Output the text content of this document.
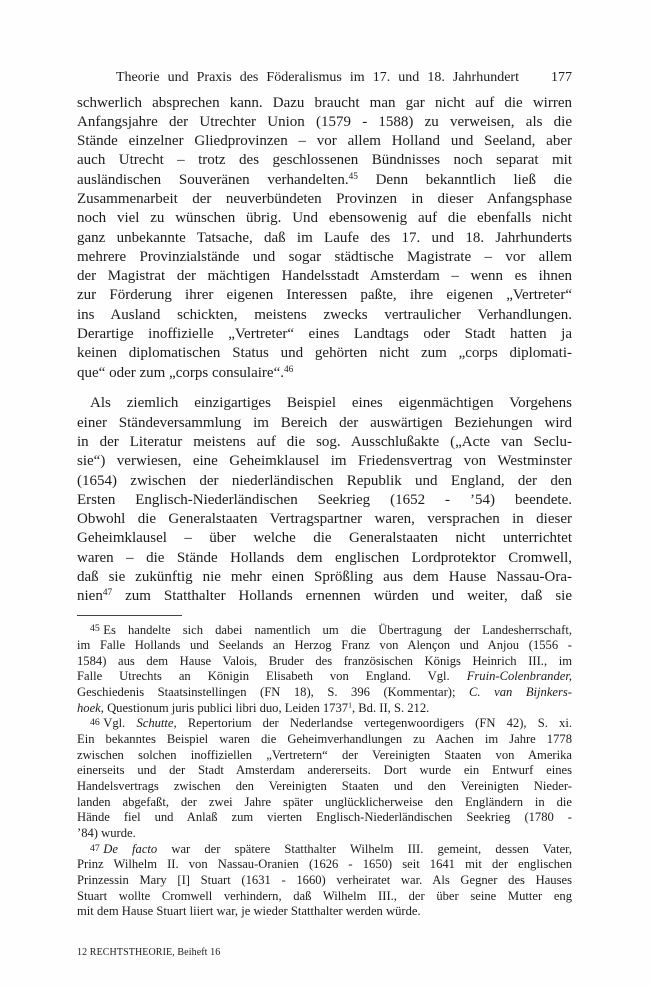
Theorie und Praxis des Föderalismus im 17. und 18. Jahrhundert 177
schwerlich absprechen kann. Dazu braucht man gar nicht auf die wirren
Anfangsjahre der Utrechter Union (1579 - 1588) zu verweisen, als die
Stände einzelner Gliedprovinzen – vor allem Holland und Seeland, aber
auch Utrecht – trotz des geschlossenen Bündnisses noch separat mit
ausländischen Souveränen verhandelten.$^{45}$ Denn bekanntlich ließ die
Zusammenarbeit der neuverbündeten Provinzen in dieser Anfangsphase
noch viel zu wünschen übrig. Und ebensowenig auf die ebenfalls nicht
ganz unbekannte Tatsache, daß im Laufe des 17. und 18. Jahrhunderts
mehrere Provinzialstände und sogar städtische Magistrate – vor allem
der Magistrat der mächtigen Handelsstadt Amsterdam – wenn es ihnen
zur Förderung ihrer eigenen Interessen paßte, ihre eigenen „Vertreter“
ins Ausland schickten, meistens zwecks vertraulicher Verhandlungen.
Derartige inoffizielle „Vertreter“ eines Landtags oder Stadt hatten ja
keinen diplomatischen Status und gehörten nicht zum „corps diplomati-
que“ oder zum „corps consulaire“.$^{46}$
Als ziemlich einzigartiges Beispiel eines eigenmächtigen Vorgehens
einer Ständeversammlung im Bereich der auswärtigen Beziehungen wird
in der Literatur meistens auf die sog. Ausschlußakte („Acte van Seclu-
sie“) verwiesen, eine Geheimklausel im Friedensvertrag von Westminster
(1654) zwischen der niederländischen Republik und England, der den
Ersten Englisch-Niederländischen Seekrieg (1652 - ’54) beendete.
Obwohl die Generalstaaten Vertragspartner waren, versprachen in dieser
Geheimklausel – über welche die Generalstaaten nicht unterrichtet
waren – die Stände Hollands dem englischen Lordprotektor Cromwell,
daß sie zukünftig nie mehr einen Sprößling aus dem Hause Nassau-Ora-
nien$^{47}$ zum Statthalter Hollands ernennen würden und weiter, daß sie
45 Es handelte sich dabei namentlich um die Übertragung der Landesherrschaft,
im Falle Hollands und Seelands an Herzog Franz von Alençon und Anjou (1556 -
1584) aus dem Hause Valois, Bruder des französischen Königs Heinrich III., im
Falle Utrechts an Königin Elisabeth von England. Vgl. Fruin-Colenbrander,
Geschiedenis Staatsinstellingen (FN 18), S. 396 (Kommentar); C. van Bijnkers-
hoek, Questionum juris publici libri duo, Leiden 1737$^1$, Bd. II, S. 212.
46 Vgl. Schutte, Repertorium der Nederlandse vertegenwoordigers (FN 42), S. xi.
Ein bekanntes Beispiel waren die Geheimverhandlungen zu Aachen im Jahre 1778
zwischen solchen inoffiziellen „Vertretern“ der Vereinigten Staaten von Amerika
einerseits und der Stadt Amsterdam andererseits. Dort wurde ein Entwurf eines
Handelsvertrags zwischen den Vereinigten Staaten und den Vereinigten Nieder-
landen abgefaßt, der zwei Jahre später unglücklicherweise den Engländern in die
Hände fiel und Anlaß zum vierten Englisch-Niederländischen Seekrieg (1780 -
’84) wurde.
47 De facto war der spätere Statthalter Wilhelm III. gemeint, dessen Vater,
Prinz Wilhelm II. von Nassau-Oranien (1626 - 1650) seit 1641 mit der englischen
Prinzessin Mary [I] Stuart (1631 - 1660) verheiratet war. Als Gegner des Hauses
Stuart wollte Cromwell verhindern, daß Wilhelm III., der über seine Mutter eng
mit dem Hause Stuart liiert war, je wieder Statthalter werden würde.
12 RECHTSTHEORIE, Beiheft 16
